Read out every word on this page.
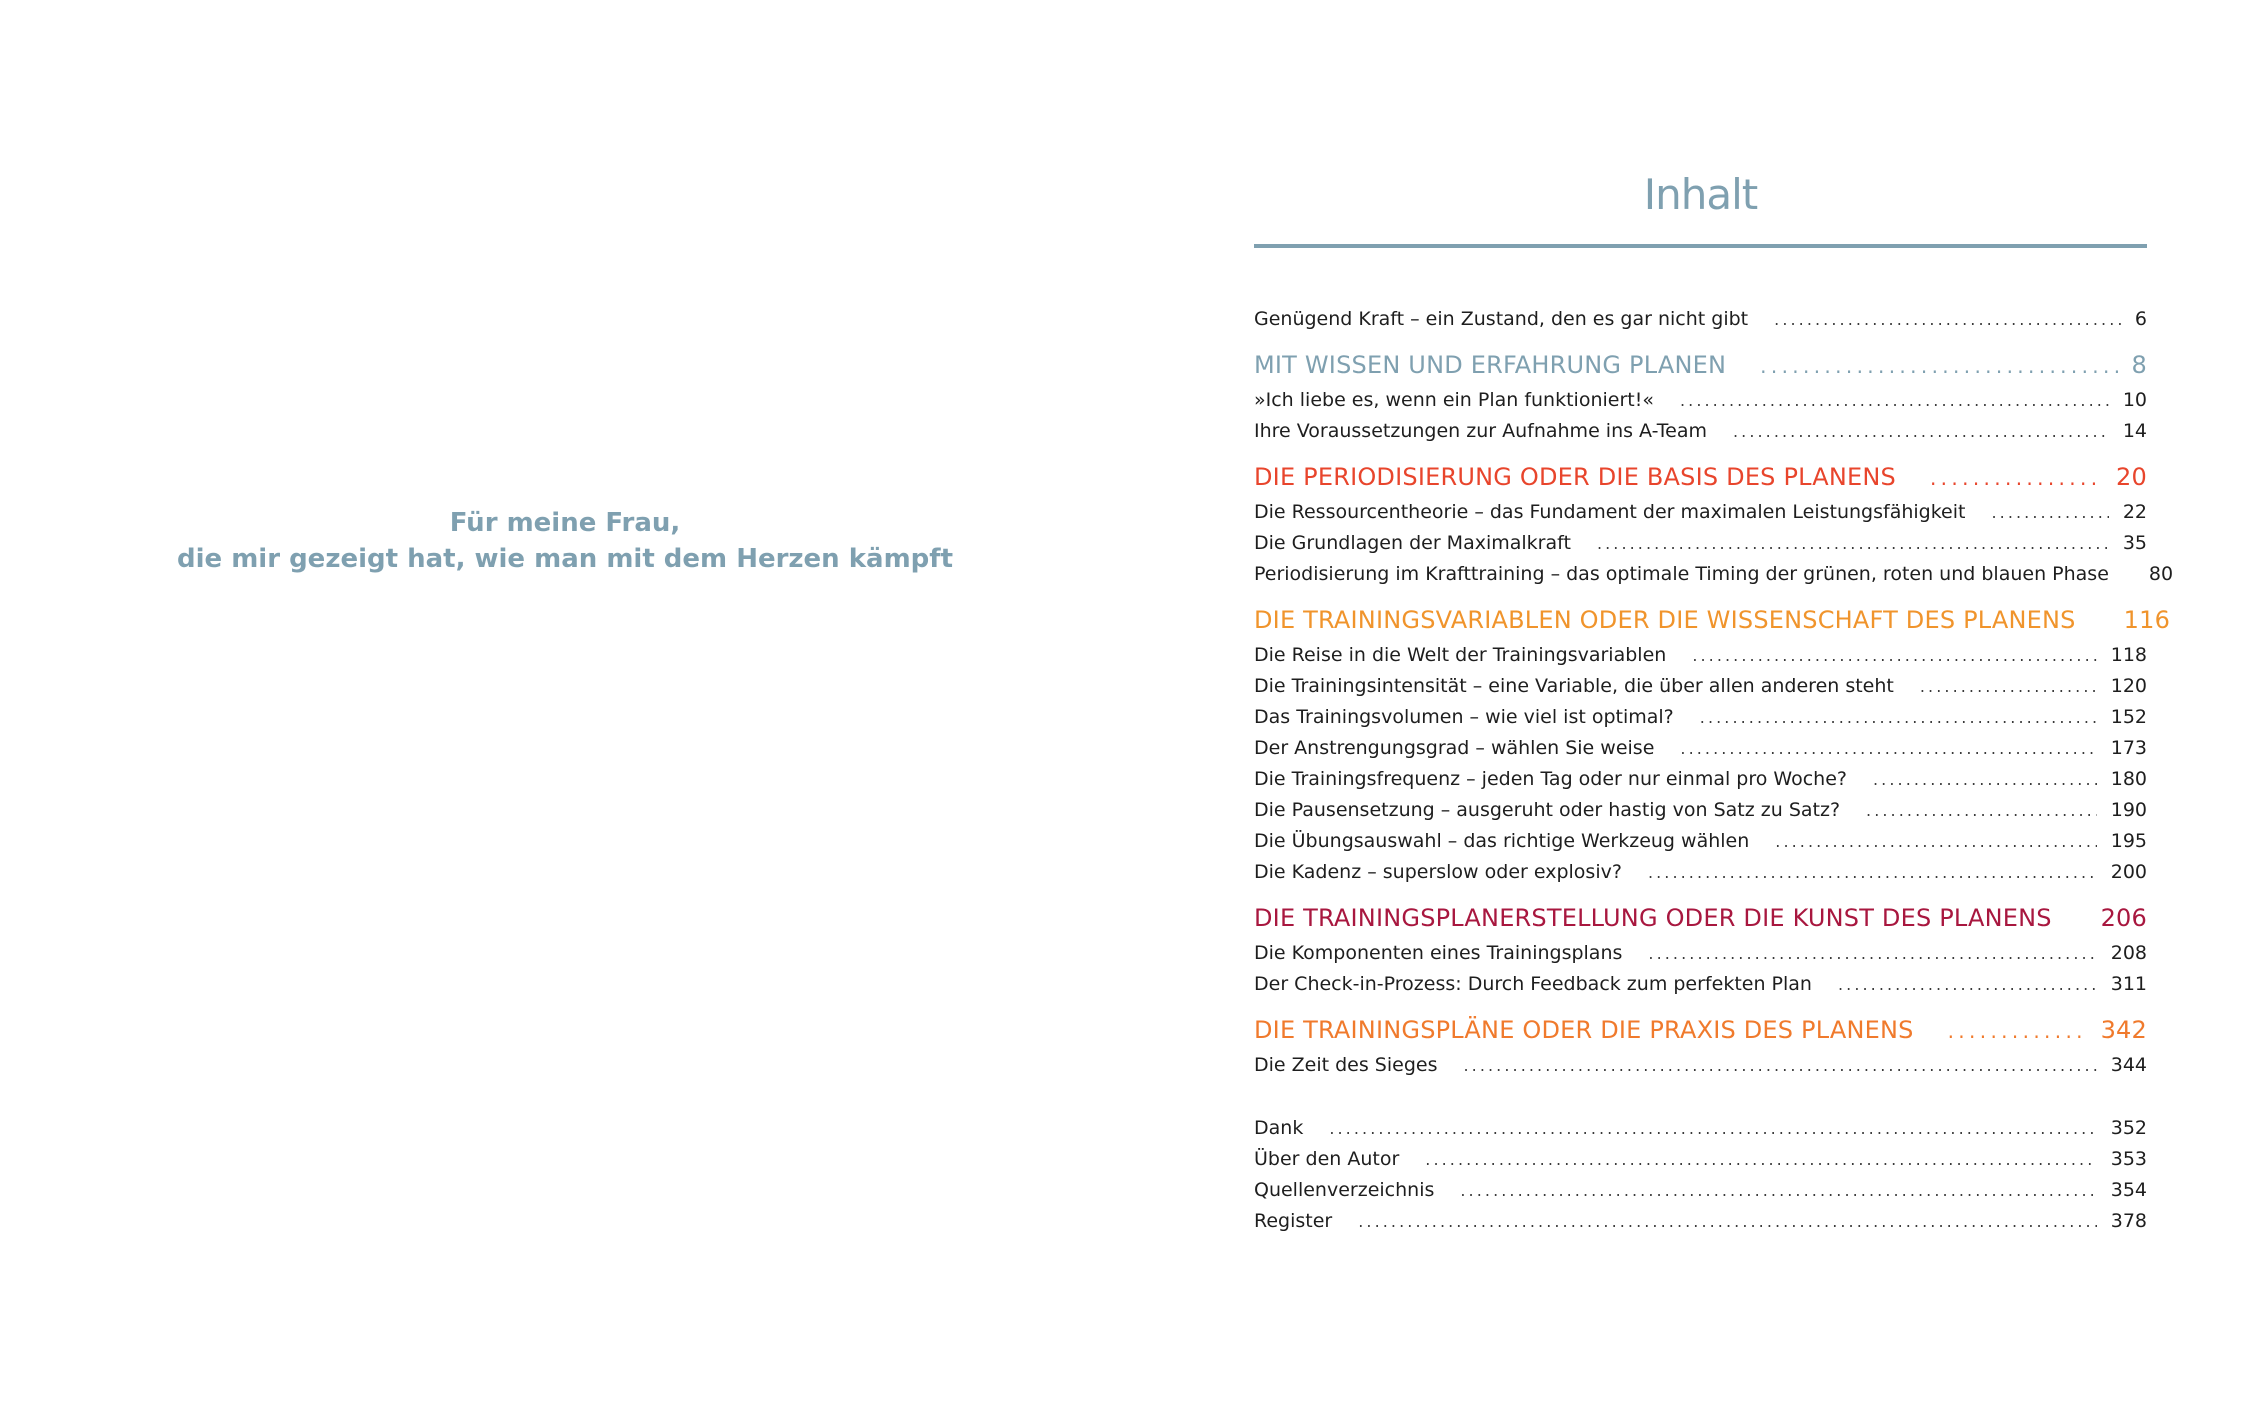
Für meine Frau,
die mir gezeigt hat, wie man mit dem Herzen kämpft
Inhalt
Genügend Kraft – ein Zustand, den es gar nicht gibt . . .	6
MIT WISSEN UND ERFAHRUNG PLANEN . . .	8
»Ich liebe es, wenn ein Plan funktioniert!« . . .	10
Ihre Voraussetzungen zur Aufnahme ins A-Team . . .	14
DIE PERIODISIERUNG ODER DIE BASIS DES PLANENS . . .	20
Die Ressourcentheorie – das Fundament der maximalen Leistungsfähigkeit . . .	22
Die Grundlagen der Maximalkraft . . .	35
Periodisierung im Krafttraining – das optimale Timing der grünen, roten und blauen Phase 80
DIE TRAININGSVARIABLEN ODER DIE WISSENSCHAFT DES PLANENS 116
Die Reise in die Welt der Trainingsvariablen . . .	118
Die Trainingsintensität – eine Variable, die über allen anderen steht . . .	120
Das Trainingsvolumen – wie viel ist optimal? . . .	152
Der Anstrengungsgrad – wählen Sie weise . . .	173
Die Trainingsfrequenz – jeden Tag oder nur einmal pro Woche? . . .	180
Die Pausensetzung – ausgeruht oder hastig von Satz zu Satz? . . .	190
Die Übungsauswahl – das richtige Werkzeug wählen . . .	195
Die Kadenz – superslow oder explosiv? . . .	200
DIE TRAININGSPLANERSTELLUNG ODER DIE KUNST DES PLANENS . . . 206
Die Komponenten eines Trainingsplans . . .	208
Der Check-in-Prozess: Durch Feedback zum perfekten Plan . . .	311
DIE TRAININGSPLÄNE ODER DIE PRAXIS DES PLANENS . . .	342
Die Zeit des Sieges . . .	344
Dank . . .	352
Über den Autor . . .	353
Quellenverzeichnis . . .	354
Register . . .	378
